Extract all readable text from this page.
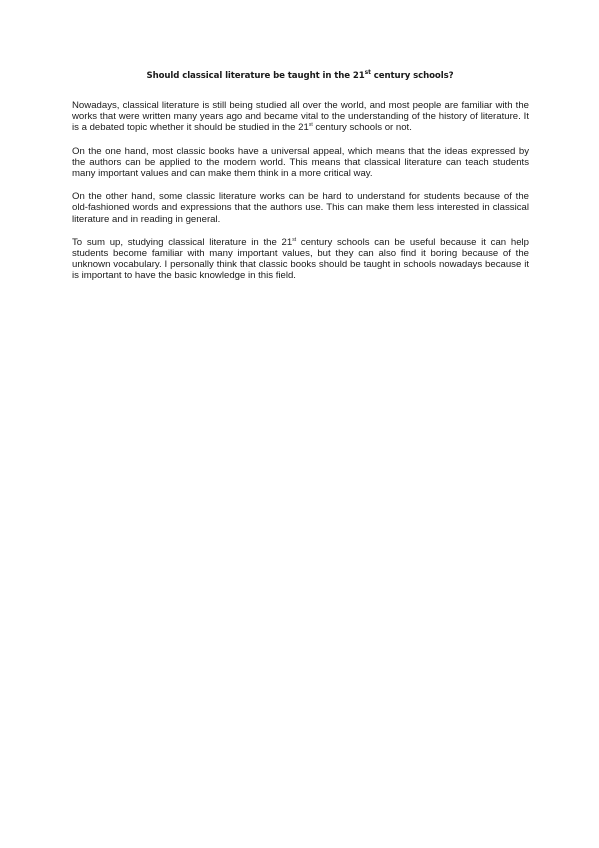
Should classical literature be taught in the 21st century schools?

Nowadays, classical literature is still being studied all over the world, and most people are familiar with the works that were written many years ago and became vital to the understanding of the history of literature. It is a debated topic whether it should be studied in the 21st century schools or not.

On the one hand, most classic books have a universal appeal, which means that the ideas expressed by the authors can be applied to the modern world. This means that classical literature can teach students many important values and can make them think in a more critical way.

On the other hand, some classic literature works can be hard to understand for students because of the old-fashioned words and expressions that the authors use. This can make them less interested in classical literature and in reading in general.

To sum up, studying classical literature in the 21st century schools can be useful because it can help students become familiar with many important values, but they can also find it boring because of the unknown vocabulary. I personally think that classic books should be taught in schools nowadays because it is important to have the basic knowledge in this field.
